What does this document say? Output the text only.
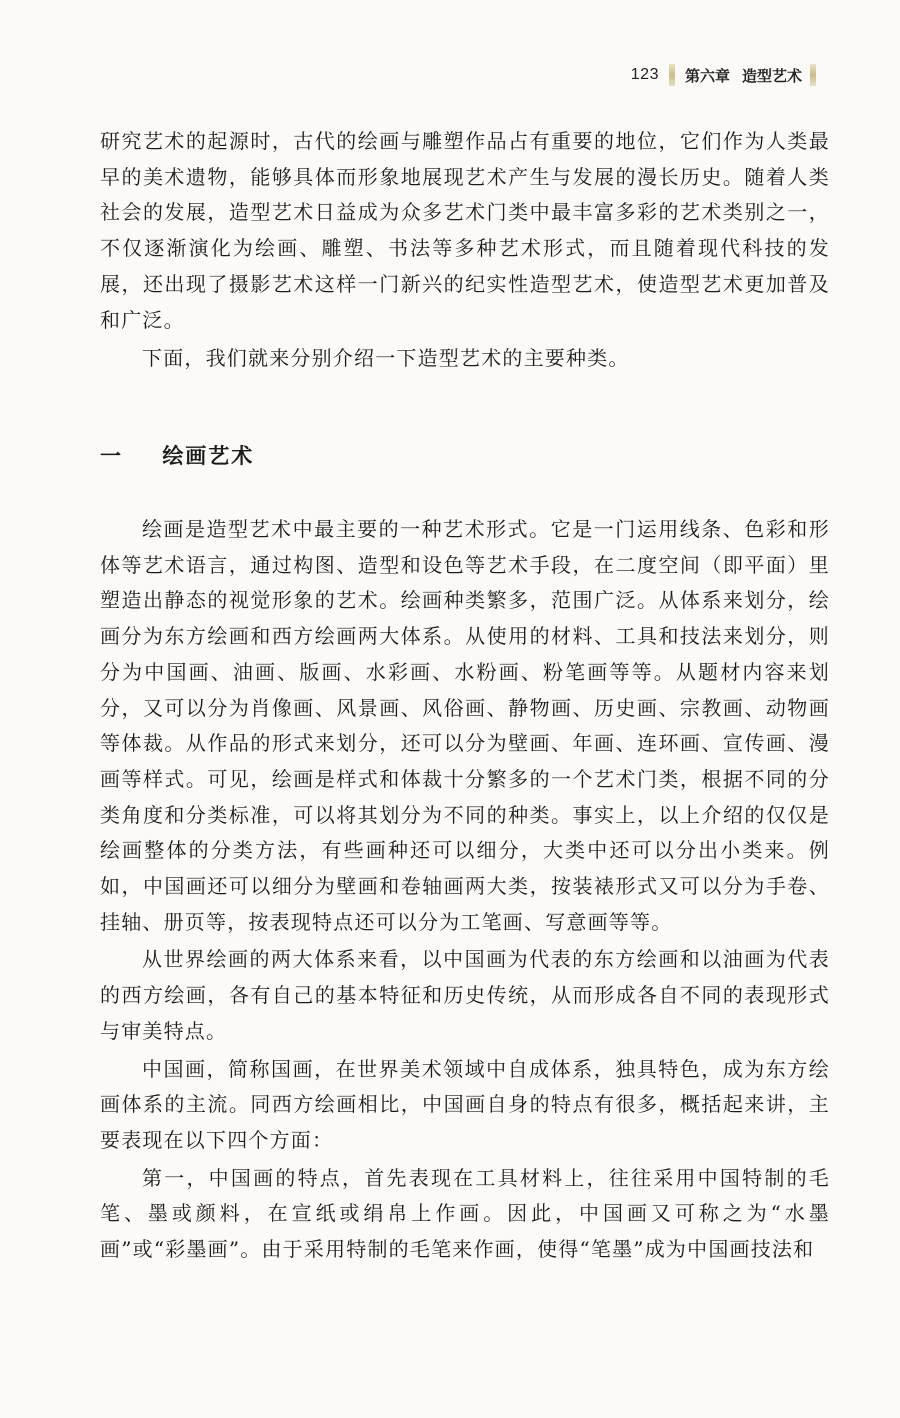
123 第六章 造型艺术

研究艺术的起源时，古代的绘画与雕塑作品占有重要的地位，它们作为人类最早的美术遗物，能够具体而形象地展现艺术产生与发展的漫长历史。随着人类社会的发展，造型艺术日益成为众多艺术门类中最丰富多彩的艺术类别之一，不仅逐渐演化为绘画、雕塑、书法等多种艺术形式，而且随着现代科技的发展，还出现了摄影艺术这样一门新兴的纪实性造型艺术，使造型艺术更加普及和广泛。

下面，我们就来分别介绍一下造型艺术的主要种类。

一 绘画艺术

绘画是造型艺术中最主要的一种艺术形式。它是一门运用线条、色彩和形体等艺术语言，通过构图、造型和设色等艺术手段，在二度空间（即平面）里塑造出静态的视觉形象的艺术。绘画种类繁多，范围广泛。从体系来划分，绘画分为东方绘画和西方绘画两大体系。从使用的材料、工具和技法来划分，则分为中国画、油画、版画、水彩画、水粉画、粉笔画等等。从题材内容来划分，又可以分为肖像画、风景画、风俗画、静物画、历史画、宗教画、动物画等体裁。从作品的形式来划分，还可以分为壁画、年画、连环画、宣传画、漫画等样式。可见，绘画是样式和体裁十分繁多的一个艺术门类，根据不同的分类角度和分类标准，可以将其划分为不同的种类。事实上，以上介绍的仅仅是绘画整体的分类方法，有些画种还可以细分，大类中还可以分出小类来。例如，中国画还可以细分为壁画和卷轴画两大类，按装裱形式又可以分为手卷、挂轴、册页等，按表现特点还可以分为工笔画、写意画等等。

从世界绘画的两大体系来看，以中国画为代表的东方绘画和以油画为代表的西方绘画，各有自己的基本特征和历史传统，从而形成各自不同的表现形式与审美特点。

中国画，简称国画，在世界美术领域中自成体系，独具特色，成为东方绘画体系的主流。同西方绘画相比，中国画自身的特点有很多，概括起来讲，主要表现在以下四个方面：

第一，中国画的特点，首先表现在工具材料上，往往采用中国特制的毛笔、墨或颜料，在宣纸或绢帛上作画。因此，中国画又可称之为“水墨画”或“彩墨画”。由于采用特制的毛笔来作画，使得“笔墨”成为中国画技法和
